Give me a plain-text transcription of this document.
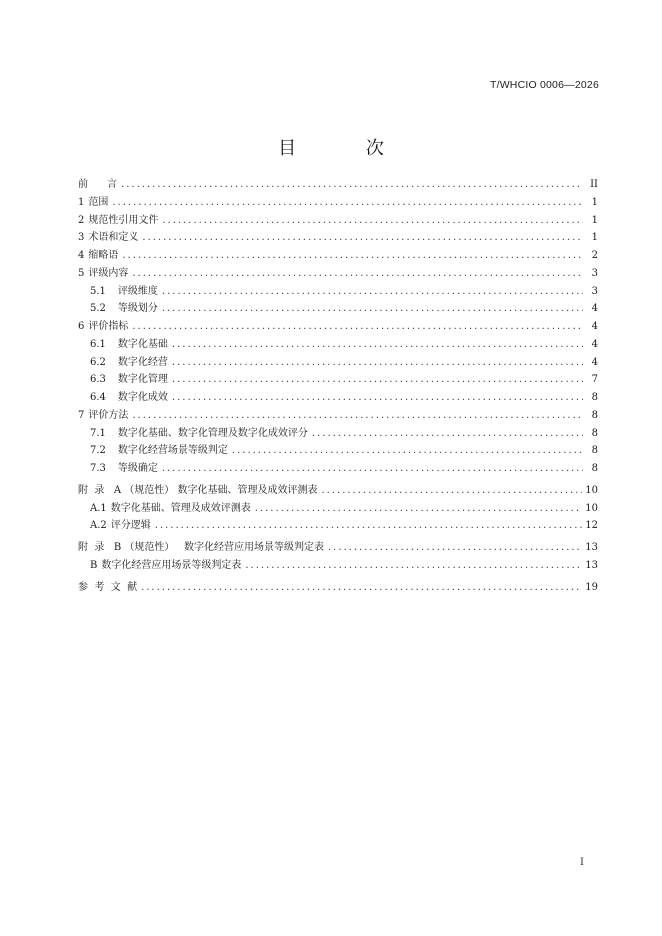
T/WHCIO 0006—2026
目 次
前      言 .....	II
1 范围 .....	1
2 规范性引用文件 .....	1
3 术语和定义 .....	1
4 缩略语 .....	2
5 评级内容 .....	3
5.1 评级维度 .....	3
5.2 等级划分 .....	4
6 评价指标 .....	4
6.1 数字化基础 .....	4
6.2 数字化经营 .....	4
6.3 数字化管理 .....	7
6.4 数字化成效 .....	8
7 评价方法 .....	8
7.1 数字化基础、数字化管理及数字化成效评分 .....	8
7.2 数字化经营场景等级判定 .....	8
7.3 等级确定 .....	8
附  录   A （规范性） 数字化基础、管理及成效评测表 .....	10
A.1 数字化基础、管理及成效评测表 .....	10
A.2 评分逻辑 .....	12
附  录   B （规范性）   数字化经营应用场景等级判定表 .....	13
B 数字化经营应用场景等级判定表 .....	13
参  考  文  献 .....	19
I
